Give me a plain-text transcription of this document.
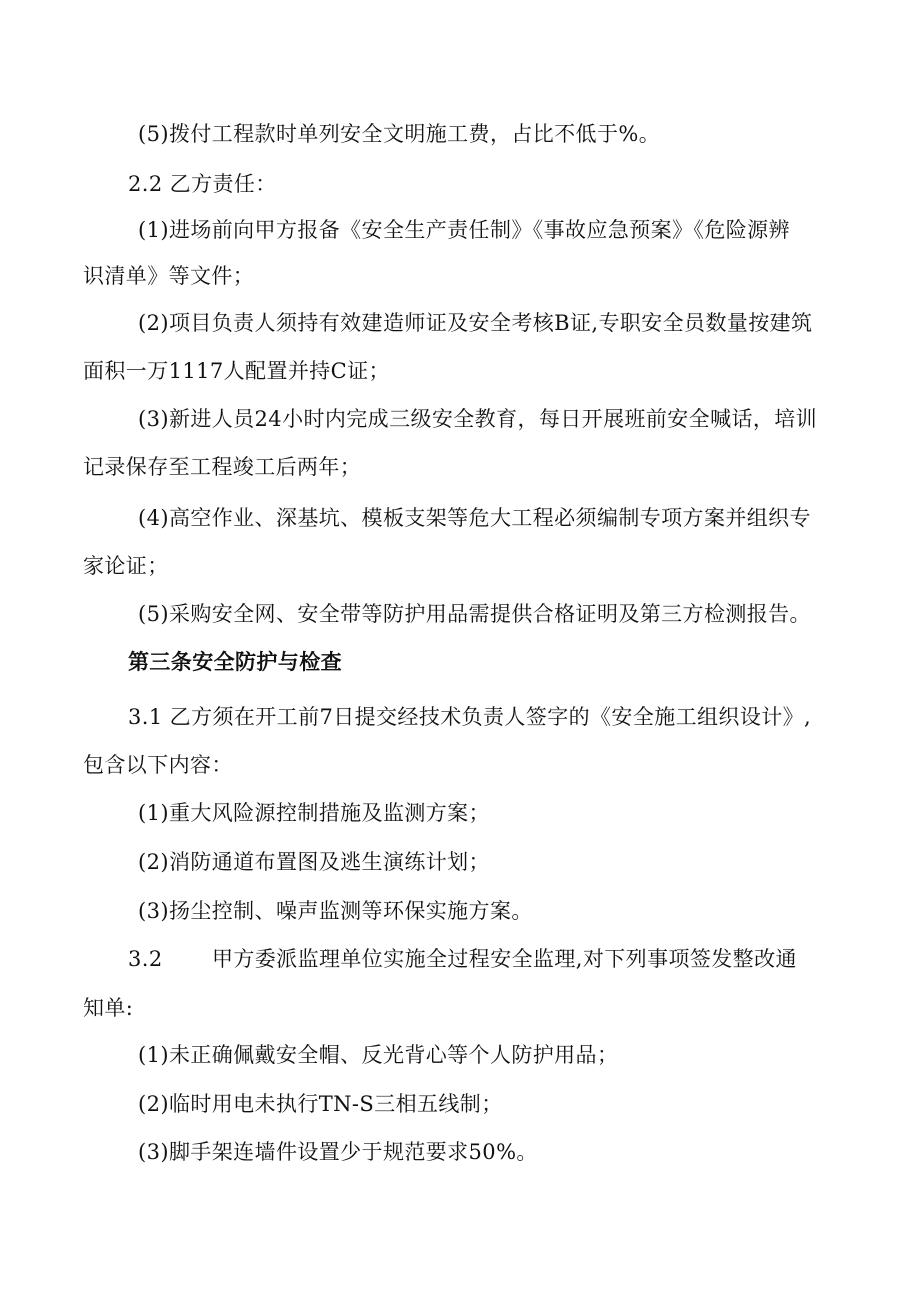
(5)拨付工程款时单列安全文明施工费，占比不低于%。
2.2 乙方责任：
(1)进场前向甲方报备《安全生产责任制》《事故应急预案》《危险源辨
识清单》等文件；
(2)项目负责人须持有效建造师证及安全考核B证,专职安全员数量按建筑
面积一万1117人配置并持C证；
(3)新进人员24小时内完成三级安全教育，每日开展班前安全喊话，培训
记录保存至工程竣工后两年；
(4)高空作业、深基坑、模板支架等危大工程必须编制专项方案并组织专
家论证；
(5)采购安全网、安全带等防护用品需提供合格证明及第三方检测报告。
第三条安全防护与检查
3.1 乙方须在开工前7日提交经技术负责人签字的《安全施工组织设计》,
包含以下内容：
(1)重大风险源控制措施及监测方案；
(2)消防通道布置图及逃生演练计划；
(3)扬尘控制、噪声监测等环保实施方案。
3.2 甲方委派监理单位实施全过程安全监理,对下列事项签发整改通
知单:
(1)未正确佩戴安全帽、反光背心等个人防护用品；
(2)临时用电未执行TN-S三相五线制；
(3)脚手架连墙件设置少于规范要求50%。
